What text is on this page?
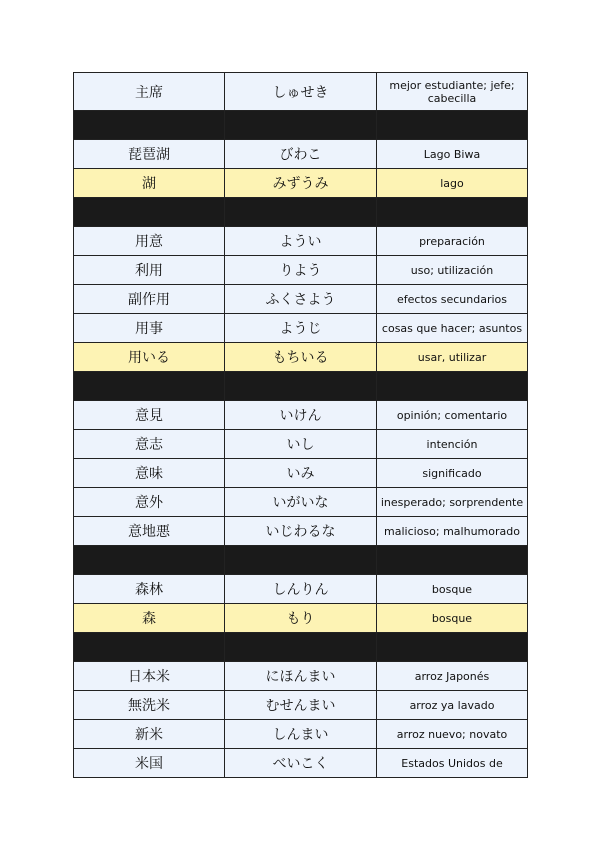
主席	しゅせき	mejor estudiante; jefe; cabecilla

琵琶湖	びわこ	Lago Biwa
湖	みずうみ	lago

用意	ようい	preparación
利用	りよう	uso; utilización
副作用	ふくさよう	efectos secundarios
用事	ようじ	cosas que hacer; asuntos
用いる	もちいる	usar, utilizar

意見	いけん	opinión; comentario
意志	いし	intención
意味	いみ	significado
意外	いがいな	inesperado; sorprendente
意地悪	いじわるな	malicioso; malhumorado

森林	しんりん	bosque
森	もり	bosque

日本米	にほんまい	arroz Japonés
無洗米	むせんまい	arroz ya lavado
新米	しんまい	arroz nuevo; novato
米国	べいこく	Estados Unidos de
